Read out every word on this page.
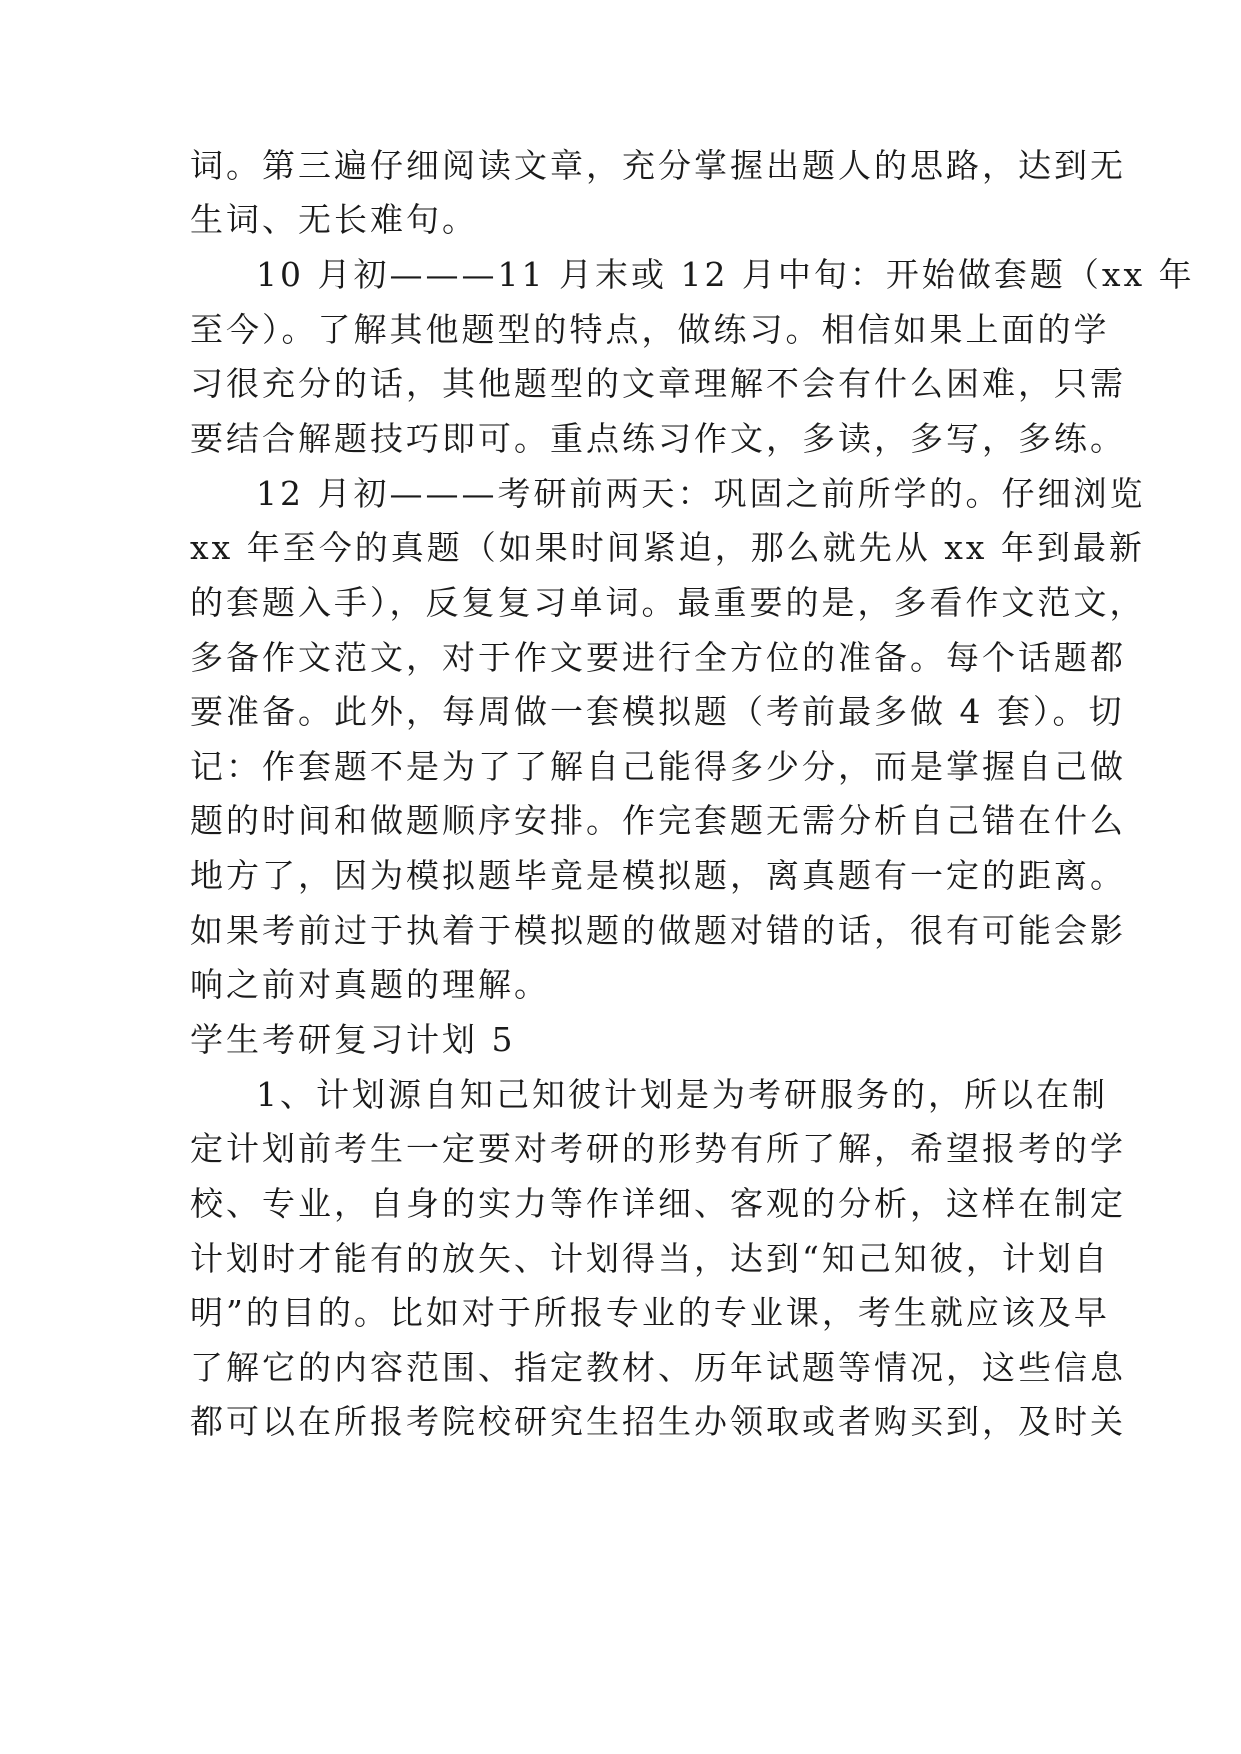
词。第三遍仔细阅读文章，充分掌握出题人的思路，达到无
生词、无长难句。
10 月初———11 月末或 12 月中旬：开始做套题（xx 年
至今）。了解其他题型的特点，做练习。相信如果上面的学
习很充分的话，其他题型的文章理解不会有什么困难，只需
要结合解题技巧即可。重点练习作文，多读，多写，多练。
12 月初———考研前两天：巩固之前所学的。仔细浏览
xx 年至今的真题（如果时间紧迫，那么就先从 xx 年到最新
的套题入手），反复复习单词。最重要的是，多看作文范文，
多备作文范文，对于作文要进行全方位的准备。每个话题都
要准备。此外，每周做一套模拟题（考前最多做 4 套）。切
记：作套题不是为了了解自己能得多少分，而是掌握自己做
题的时间和做题顺序安排。作完套题无需分析自己错在什么
地方了，因为模拟题毕竟是模拟题，离真题有一定的距离。
如果考前过于执着于模拟题的做题对错的话，很有可能会影
响之前对真题的理解。
学生考研复习计划 5
1、计划源自知己知彼计划是为考研服务的，所以在制
定计划前考生一定要对考研的形势有所了解，希望报考的学
校、专业，自身的实力等作详细、客观的分析，这样在制定
计划时才能有的放矢、计划得当，达到“知己知彼，计划自
明”的目的。比如对于所报专业的专业课，考生就应该及早
了解它的内容范围、指定教材、历年试题等情况，这些信息
都可以在所报考院校研究生招生办领取或者购买到，及时关
